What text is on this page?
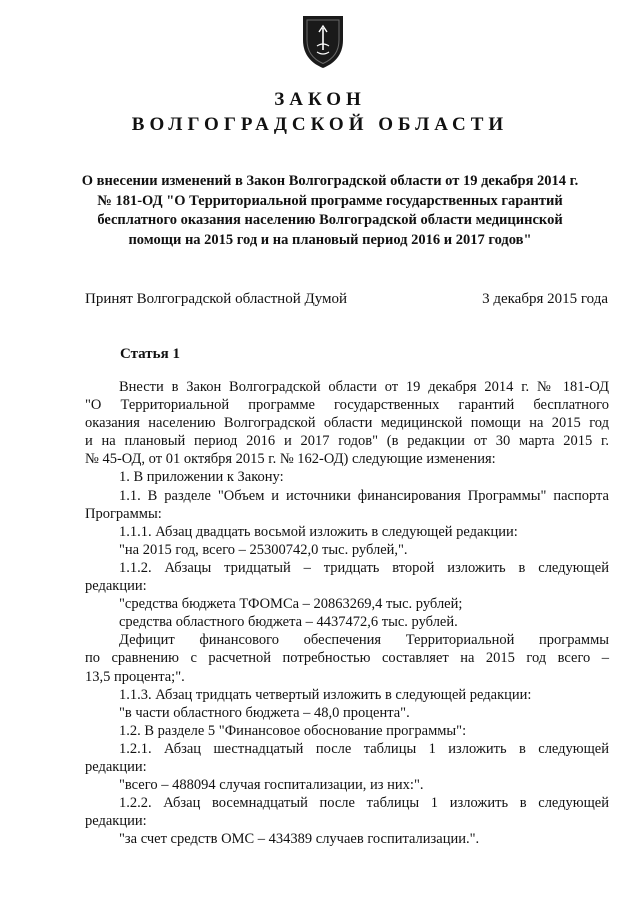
ЗАКОН
ВОЛГОГРАДСКОЙ ОБЛАСТИ
О внесении изменений в Закон Волгоградской области от 19 декабря 2014 г.
№ 181-ОД "О Территориальной программе государственных гарантий
бесплатного оказания населению Волгоградской области медицинской
помощи на 2015 год и на плановый период 2016 и 2017 годов"
Принят Волгоградской областной Думой	3 декабря 2015 года
Статья 1
Внести в Закон Волгоградской области от 19 декабря 2014 г. № 181-ОД
"О Территориальной программе государственных гарантий бесплатного
оказания населению Волгоградской области медицинской помощи на 2015 год
и на плановый период 2016 и 2017 годов" (в редакции от 30 марта 2015 г.
№ 45-ОД, от 01 октября 2015 г. № 162-ОД) следующие изменения:
1. В приложении к Закону:
1.1. В разделе "Объем и источники финансирования Программы" паспорта
Программы:
1.1.1. Абзац двадцать восьмой изложить в следующей редакции:
"на 2015 год, всего – 25300742,0 тыс. рублей,".
1.1.2. Абзацы тридцатый – тридцать второй изложить в следующей
редакции:
"средства бюджета ТФОМСа – 20863269,4 тыс. рублей;
средства областного бюджета – 4437472,6 тыс. рублей.
Дефицит финансового обеспечения Территориальной программы
по сравнению с расчетной потребностью составляет на 2015 год всего –
13,5 процента;".
1.1.3. Абзац тридцать четвертый изложить в следующей редакции:
"в части областного бюджета – 48,0 процента".
1.2. В разделе 5 "Финансовое обоснование программы":
1.2.1. Абзац шестнадцатый после таблицы 1 изложить в следующей
редакции:
"всего – 488094 случая госпитализации, из них:".
1.2.2. Абзац восемнадцатый после таблицы 1 изложить в следующей
редакции:
"за счет средств ОМС – 434389 случаев госпитализации.".
